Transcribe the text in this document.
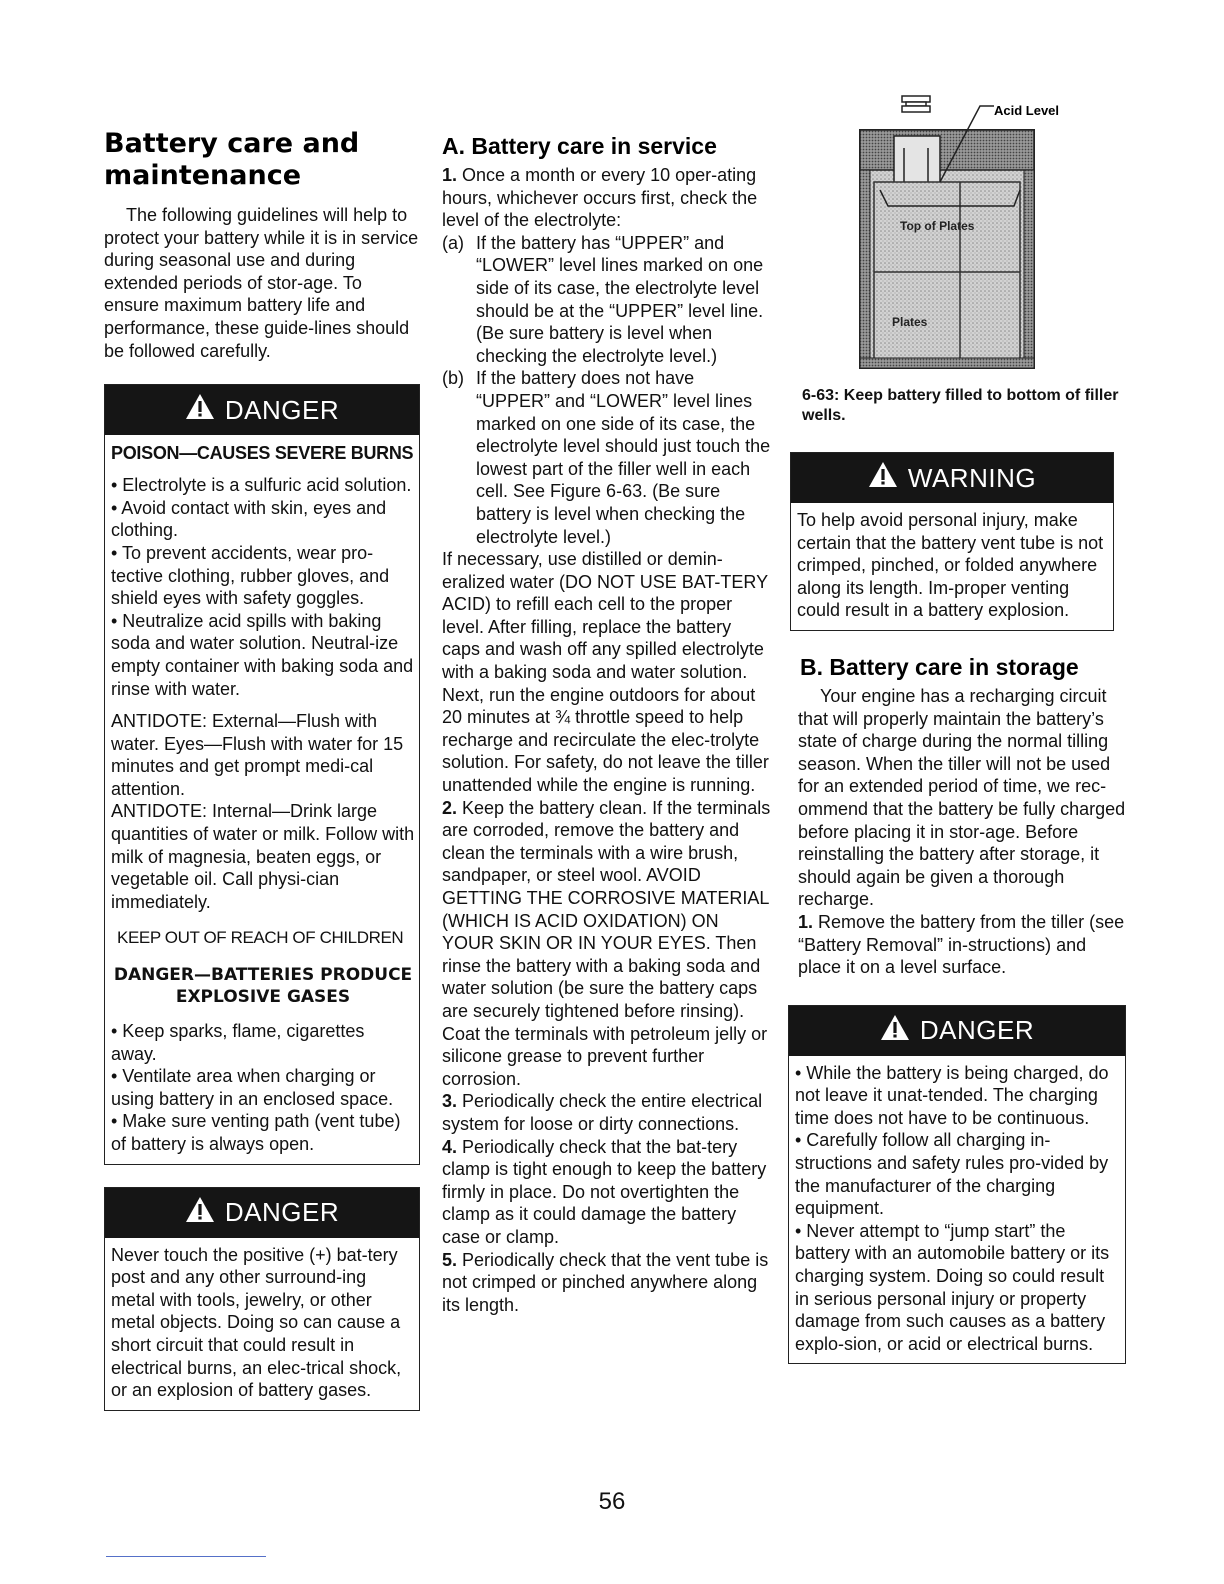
Battery care and maintenance

The following guidelines will help to protect your battery while it is in service during seasonal use and during extended periods of stor-age. To ensure maximum battery life and performance, these guide-lines should be followed carefully.

DANGER
POISON—CAUSES SEVERE BURNS

• Electrolyte is a sulfuric acid solution.

• Avoid contact with skin, eyes and clothing.

• To prevent accidents, wear pro-tective clothing, rubber gloves, and shield eyes with safety goggles.

• Neutralize acid spills with baking soda and water solution. Neutral-ize empty container with baking soda and rinse with water.

ANTIDOTE: External—Flush with water. Eyes—Flush with water for 15 minutes and get prompt medi-cal attention.

ANTIDOTE: Internal—Drink large quantities of water or milk. Follow with milk of magnesia, beaten eggs, or vegetable oil. Call physi-cian immediately.

KEEP OUT OF REACH OF CHILDREN

DANGER—BATTERIES PRODUCE EXPLOSIVE GASES

• Keep sparks, flame, cigarettes away.

• Ventilate area when charging or using battery in an enclosed space.

• Make sure venting path (vent tube) of battery is always open.

DANGER

Never touch the positive (+) bat-tery post and any other surround-ing metal with tools, jewelry, or other metal objects. Doing so can cause a short circuit that could result in electrical burns, an elec-trical shock, or an explosion of battery gases.

A. Battery care in service

1. Once a month or every 10 oper-ating hours, whichever occurs first, check the level of the electrolyte:

(a) If the battery has “UPPER” and “LOWER” level lines marked on one side of its case, the electrolyte level should be at the “UPPER” level line. (Be sure battery is level when checking the electrolyte level.)
(b) If the battery does not have “UPPER” and “LOWER” level lines marked on one side of its case, the electrolyte level should just touch the lowest part of the filler well in each cell. See Figure 6-63. (Be sure battery is level when checking the electrolyte level.)

If necessary, use distilled or demin-eralized water (DO NOT USE BAT-TERY ACID) to refill each cell to the proper level. After filling, replace the battery caps and wash off any spilled electrolyte with a baking soda and water solution. Next, run the engine outdoors for about 20 minutes at ¾ throttle speed to help recharge and recirculate the elec-trolyte solution. For safety, do not leave the tiller unattended while the engine is running.

2. Keep the battery clean. If the terminals are corroded, remove the battery and clean the terminals with a wire brush, sandpaper, or steel wool. AVOID GETTING THE CORROSIVE MATERIAL (WHICH IS ACID OXIDATION) ON YOUR SKIN OR IN YOUR EYES. Then rinse the battery with a baking soda and water solution (be sure the battery caps are securely tightened before rinsing). Coat the terminals with petroleum jelly or silicone grease to prevent further corrosion.

3. Periodically check the entire electrical system for loose or dirty connections.

4. Periodically check that the bat-tery clamp is tight enough to keep the battery firmly in place. Do not overtighten the clamp as it could damage the battery case or clamp.

5. Periodically check that the vent tube is not crimped or pinched anywhere along its length.

Acid Level
Top of Plates
Plates

6-63: Keep battery filled to bottom of filler wells.

WARNING

To help avoid personal injury, make certain that the battery vent tube is not crimped, pinched, or folded anywhere along its length. Im-proper venting could result in a battery explosion.

B. Battery care in storage

Your engine has a recharging circuit that will properly maintain the battery’s state of charge during the normal tilling season. When the tiller will not be used for an extended period of time, we rec-ommend that the battery be fully charged before placing it in stor-age. Before reinstalling the battery after storage, it should again be given a thorough recharge.

1. Remove the battery from the tiller (see “Battery Removal” in-structions) and place it on a level surface.

DANGER

• While the battery is being charged, do not leave it unat-tended. The charging time does not have to be continuous.

• Carefully follow all charging in-structions and safety rules pro-vided by the manufacturer of the charging equipment.

• Never attempt to “jump start” the battery with an automobile battery or its charging system. Doing so could result in serious personal injury or property damage from such causes as a battery explo-sion, or acid or electrical burns.

56
